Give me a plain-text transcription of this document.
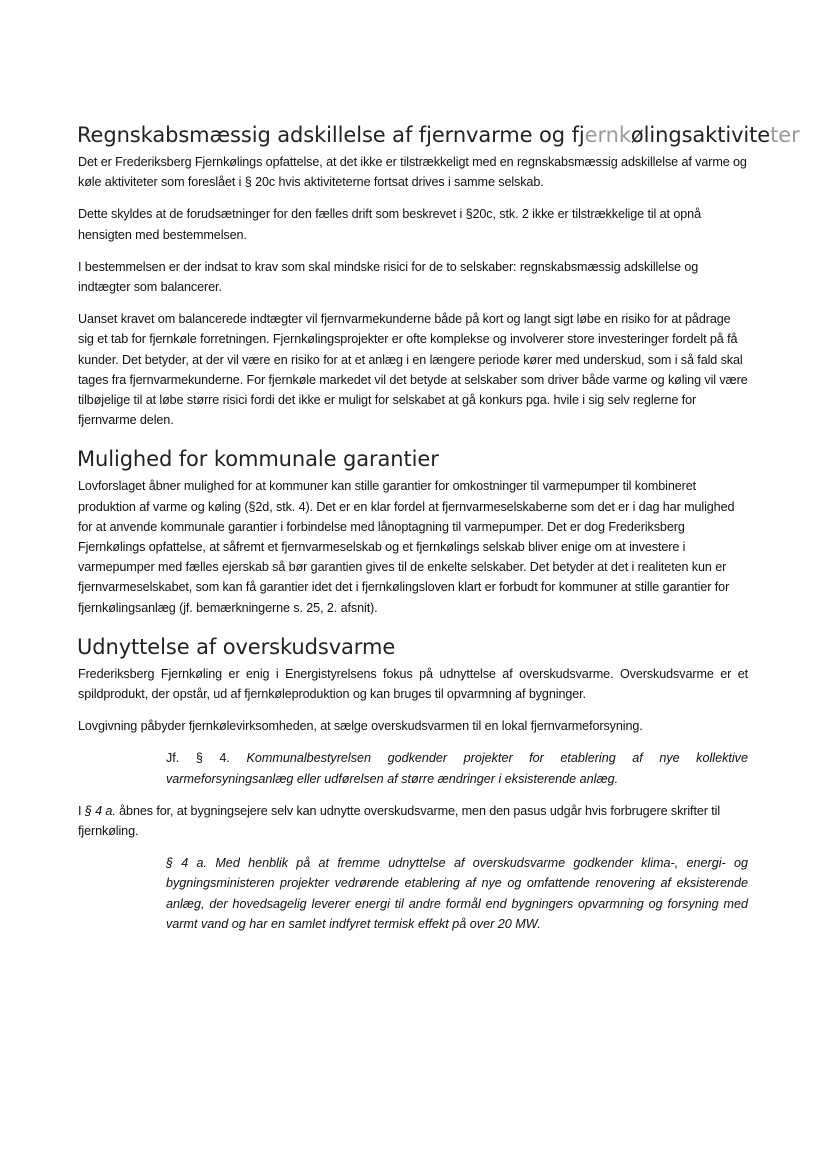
Regnskabsmæssig adskillelse af fjernvarme og fjernkølingsaktiviteter

Det er Frederiksberg Fjernkølings opfattelse, at det ikke er tilstrækkeligt med en regnskabsmæssig adskillelse af varme og køle aktiviteter som foreslået i § 20c hvis aktiviteterne fortsat drives i samme selskab.

Dette skyldes at de forudsætninger for den fælles drift som beskrevet i §20c, stk. 2 ikke er tilstrækkelige til at opnå hensigten med bestemmelsen.

I bestemmelsen er der indsat to krav som skal mindske risici for de to selskaber: regnskabsmæssig adskillelse og indtægter som balancerer.

Uanset kravet om balancerede indtægter vil fjernvarmekunderne både på kort og langt sigt løbe en risiko for at pådrage sig et tab for fjernkøle forretningen. Fjernkølingsprojekter er ofte komplekse og involverer store investeringer fordelt på få kunder. Det betyder, at der vil være en risiko for at et anlæg i en længere periode kører med underskud, som i så fald skal tages fra fjernvarmekunderne. For fjernkøle markedet vil det betyde at selskaber som driver både varme og køling vil være tilbøjelige til at løbe større risici fordi det ikke er muligt for selskabet at gå konkurs pga. hvile i sig selv reglerne for fjernvarme delen.

Mulighed for kommunale garantier

Lovforslaget åbner mulighed for at kommuner kan stille garantier for omkostninger til varmepumper til kombineret produktion af varme og køling (§2d, stk. 4). Det er en klar fordel at fjernvarmeselskaberne som det er i dag har mulighed for at anvende kommunale garantier i forbindelse med lånoptagning til varmepumper. Det er dog Frederiksberg Fjernkølings opfattelse, at såfremt et fjernvarmeselskab og et fjernkølings selskab bliver enige om at investere i varmepumper med fælles ejerskab så bør garantien gives til de enkelte selskaber. Det betyder at det i realiteten kun er fjernvarmeselskabet, som kan få garantier idet det i fjernkølingsloven klart er forbudt for kommuner at stille garantier for fjernkølingsanlæg (jf. bemærkningerne s. 25, 2. afsnit).

Udnyttelse af overskudsvarme

Frederiksberg Fjernkøling er enig i Energistyrelsens fokus på udnyttelse af overskudsvarme. Overskudsvarme er et spildprodukt, der opstår, ud af fjernkøleproduktion og kan bruges til opvarmning af bygninger.

Lovgivning påbyder fjernkølevirksomheden, at sælge overskudsvarmen til en lokal fjernvarmeforsyning.

Jf. § 4. Kommunalbestyrelsen godkender projekter for etablering af nye kollektive varmeforsyningsanlæg eller udførelsen af større ændringer i eksisterende anlæg.

I § 4 a. åbnes for, at bygningsejere selv kan udnytte overskudsvarme, men den pasus udgår hvis forbrugere skrifter til fjernkøling.

§ 4 a. Med henblik på at fremme udnyttelse af overskudsvarme godkender klima-, energi- og bygningsministeren projekter vedrørende etablering af nye og omfattende renovering af eksisterende anlæg, der hovedsagelig leverer energi til andre formål end bygningers opvarmning og forsyning med varmt vand og har en samlet indfyret termisk effekt på over 20 MW.
